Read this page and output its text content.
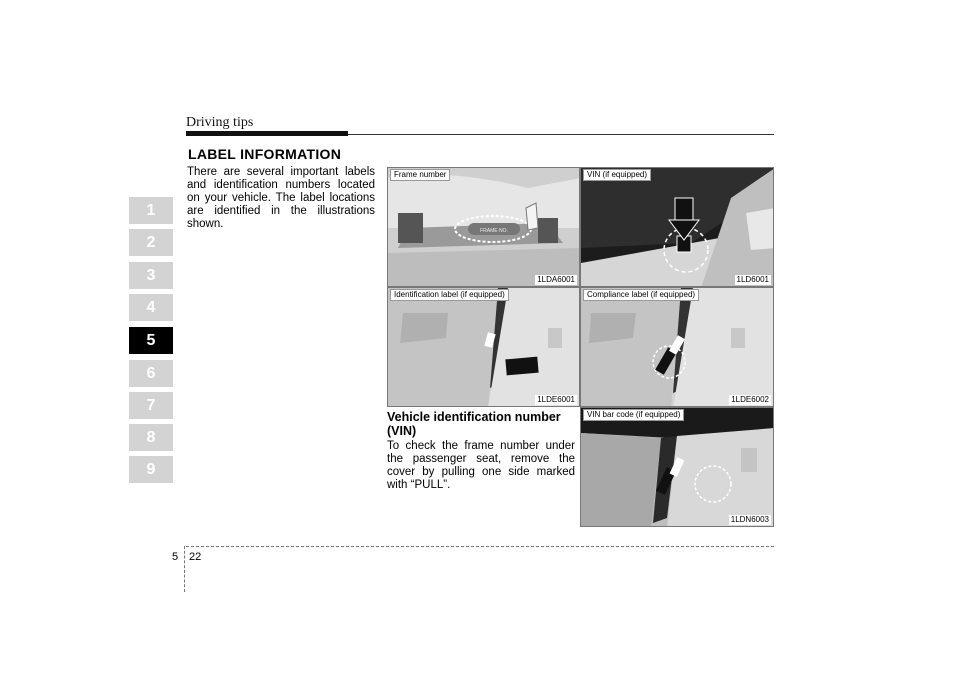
Driving tips
1
2
3
4
5
6
7
8
9
LABEL INFORMATION
There are several important labels and identification numbers located on your vehicle. The label locations are identified in the illustrations shown.
Vehicle identification number (VIN)
To check the frame number under the passenger seat, remove the cover by pulling one side marked with “PULL”.
FRAME NO.
Frame number
1LDA6001
VIN (if equipped)
1LD6001
Identification label (if equipped)
1LDE6001
Compliance label (if equipped)
1LDE6002
VIN bar code (if equipped)
1LDN6003
5 22
